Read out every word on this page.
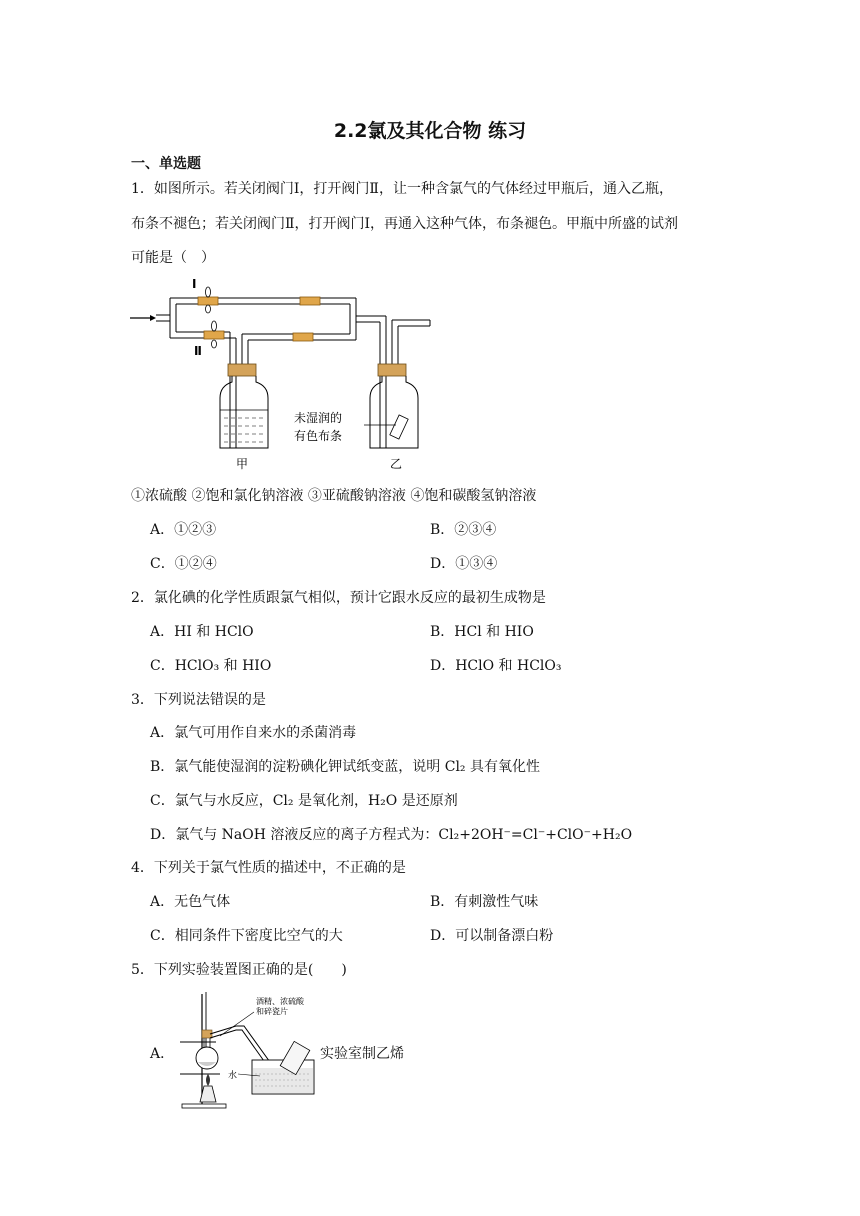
2.2氯及其化合物 练习
一、单选题
1．如图所示。若关闭阀门Ⅰ，打开阀门Ⅱ，让一种含氯气的气体经过甲瓶后，通入乙瓶，
布条不褪色；若关闭阀门Ⅱ，打开阀门Ⅰ，再通入这种气体，布条褪色。甲瓶中所盛的试剂
可能是（　）
Ⅰ
Ⅱ
甲
未湿润的
有色布条
乙
①浓硫酸 ②饱和氯化钠溶液 ③亚硫酸钠溶液 ④饱和碳酸氢钠溶液
A．①②③	B．②③④
C．①②④	D．①③④
2．氯化碘的化学性质跟氯气相似，预计它跟水反应的最初生成物是
A．HI 和 HClO	B．HCl 和 HIO
C．HClO₃ 和 HIO	D．HClO 和 HClO₃
3．下列说法错误的是
A．氯气可用作自来水的杀菌消毒
B．氯气能使湿润的淀粉碘化钾试纸变蓝，说明 Cl₂ 具有氧化性
C．氯气与水反应，Cl₂ 是氧化剂，H₂O 是还原剂
D．氯气与 NaOH 溶液反应的离子方程式为：Cl₂+2OH⁻=Cl⁻+ClO⁻+H₂O
4．下列关于氯气性质的描述中，不正确的是
A．无色气体	B．有刺激性气味
C．相同条件下密度比空气的大	D．可以制备漂白粉
5．下列实验装置图正确的是(　　)
A．
酒精、浓硫酸
和碎瓷片
水
实验室制乙烯
